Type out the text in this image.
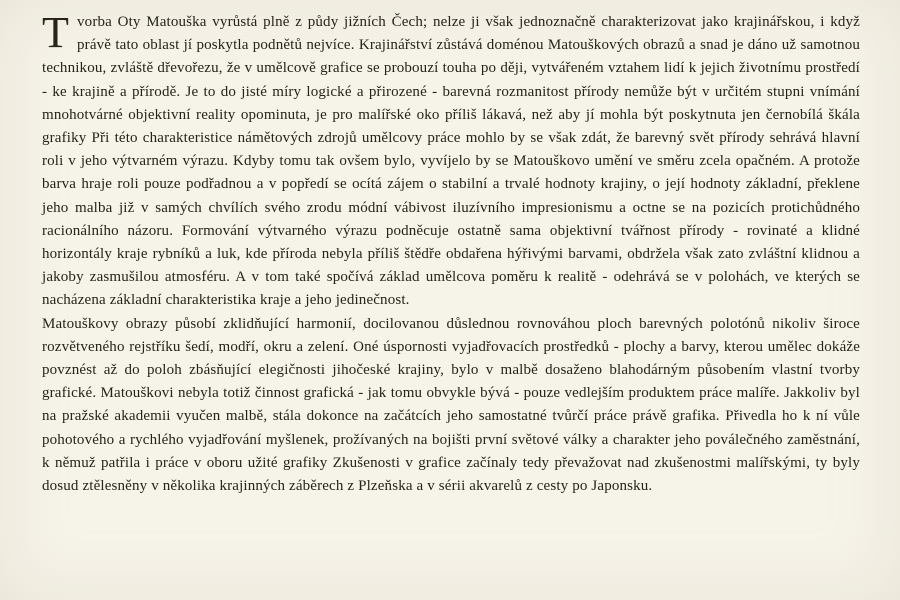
Tvorba Oty Matouška vyrůstá plně z půdy jižních Čech; nelze ji však jednoznačně charakterizovat jako krajinářskou, i když právě tato oblast jí poskytla podnětů nejvíce. Krajinářství zůstává doménou Matouškových obrazů a snad je dáno už samotnou technikou, zvláště dřevořezu, že v umělcově grafice se probouzí touha po ději, vytvářeném vztahem lidí k jejich životnímu prostředí - ke krajině a přírodě. Je to do jisté míry logické a přirozené - barevná rozmanitost přírody nemůže být v určitém stupni vnímání mnohotvárné objektivní reality opominuta, je pro malířské oko příliš lákavá, než aby jí mohla být poskytnuta jen černobílá škála grafiky Při této charakteristice námětových zdrojů umělcovy práce mohlo by se však zdát, že barevný svět přírody sehrává hlavní roli v jeho výtvarném výrazu. Kdyby tomu tak ovšem bylo, vyvíjelo by se Matouškovo umění ve směru zcela opačném. A protože barva hraje roli pouze podřadnou a v popředí se ocítá zájem o stabilní a trvalé hodnoty krajiny, o její hodnoty základní, překlene jeho malba již v samých chvílích svého zrodu módní vábivost iluzívního impresionismu a octne se na pozicích protichůdného racionálního názoru. Formování výtvarného výrazu podněcuje ostatně sama objektivní tvářnost přírody - rovinaté a klidné horizontály kraje rybníků a luk, kde příroda nebyla příliš štědře obdařena hýřivými barvami, obdržela však zato zvláštní klidnou a jakoby zasmušilou atmosféru. A v tom také spočívá základ umělcova poměru k realitě - odehrává se v polohách, ve kterých se nacházena základní charakteristika kraje a jeho jedinečnost.

Matouškovy obrazy působí zklidňující harmonií, docilovanou důslednou rovnováhou ploch barevných polotónů nikoliv široce rozvětveného rejstříku šedí, modří, okru a zelení. Oné úspornosti vyjadřovacích prostředků - plochy a barvy, kterou umělec dokáže povznést až do poloh zbásňující elegičnosti jihočeské krajiny, bylo v malbě dosaženo blahodárným působením vlastní tvorby grafické. Matouškovi nebyla totiž činnost grafická - jak tomu obvykle bývá - pouze vedlejším produktem práce malíře. Jakkoliv byl na pražské akademii vyučen malbě, stála dokonce na začátcích jeho samostatné tvůrčí práce právě grafika. Přivedla ho k ní vůle pohotového a rychlého vyjadřování myšlenek, prožívaných na bojišti první světové války a charakter jeho poválečného zaměstnání, k němuž patřila i práce v oboru užité grafiky Zkušenosti v grafice začínaly tedy převažovat nad zkušenostmi malířskými, ty byly dosud ztělesněny v několika krajinných záběrech z Plzeňska a v sérii akvarelů z cesty po Japonsku.
